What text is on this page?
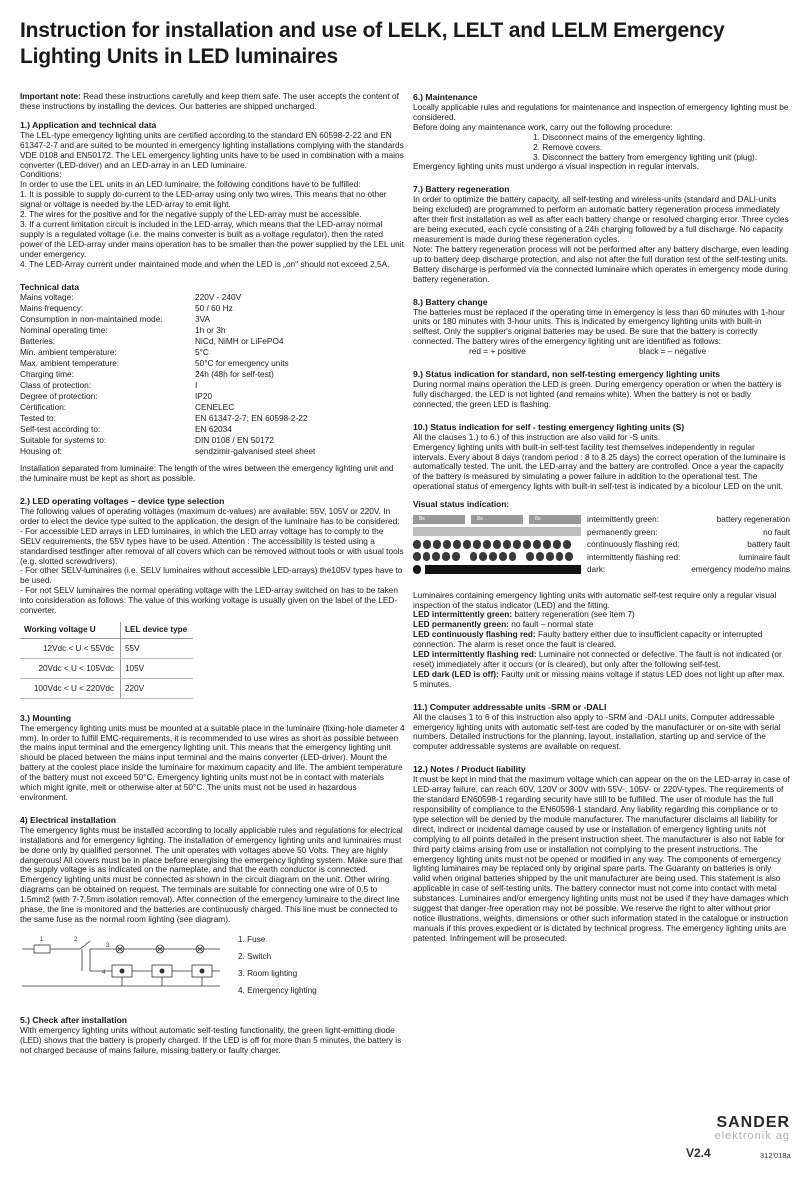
Instruction for installation and use of LELK, LELT and LELM Emergency Lighting Units in LED luminaires

Important note: Read these instructions carefully and keep them safe. The user accepts the content of these instructions by installing the devices. Our batteries are shipped uncharged.

1.) Application and technical data

The LEL-type emergency lighting units are certified according to the standard EN 60598-2-22 and EN 61347-2-7 and are suited to be mounted in emergency lighting installations complying with the standards VDE 0108 and EN50172. The LEL emergency lighting units have to be used in combination with a mains converter (LED-driver) and an LED-array in an LED luminaire.

Conditions:

In order to use the LEL units in an LED luminaire, the following conditions have to be fulfilled:

1. It is possible to supply do-current to the LED-array using only two wires. This means that no other signal or voltage is needed by the LED-array to emit light.

2. The wires for the positive and for the negative supply of the LED-array must be accessible.

3. If a current limitation circuit is included in the LED-array, which means that the LED-array normal supply is a regulated voltage (i.e. the mains converter is built as a voltage regulator), then the rated power of the LED-array under mains operation has to be smaller than the power supplied by the LEL unit under emergency.

4. The LED-Array current under maintained mode and when the LED is „on" should not exceed 2,5A.

Technical data
Mains voltage:	220V - 240V
Mains frequency:	50 / 60 Hz
Consumption in non-maintained mode:	3VA
Nominal operating time:	1h or 3h
Batteries:	NiCd, NiMH or LiFePO4
Min. ambient temperature:	5°C
Max. ambient temperature:	50°C for emergency units
Charging time:	24h (48h for self-test)
Class of protection:	I
Degree of protection:	IP20
Certification:	CENELEC
Tested to:	EN 61347-2-7; EN 60598-2-22
Self-test according to:	EN 62034
Suitable for systems to:	DIN 0108 / EN 50172
Housing of:	sendzimir-galvanised steel sheet

Installation separated from luminaire: The length of the wires between the emergency lighting unit and the luminaire must be kept as short as possible.

2.) LED operating voltages – device type selection

The following values of operating voltages (maximum dc-values) are available: 55V, 105V or 220V. In order to elect the device type suited to the application, the design of the luminaire has to be considered:

- For accessible LED arrays in LED luminaires, in which the LED array voltage has to comply to the SELV requirements, the 55V types have to be used. Attention : The accessibility is tested using a standardised testfinger after removal of all covers which can be removed without tools or with usual tools (e.g. slotted screwdrivers).

- For other SELV-luminaires (i.e. SELV luminaires without accessible LED-arrays) the105V types have to be used.

- For not SELV luminaires the normal operating voltage with the LED-array switched on has to be taken into consideration as follows: The value of this working voltage is usually given on the label of the LED-converter.

Working voltage U	LEL device type
12Vdc < U < 55Vdc	55V
20Vdc < U < 105Vdc	105V
100Vdc < U < 220Vdc	220V
3.) Mounting

The emergency lighting units must be mounted at a suitable place in the luminaire (fixing-hole diameter 4 mm). In order to fulfill EMC-requirements, it is recommended to use wires as short as possible between the mains input terminal and the emergency lighting unit. This means that the emergency lighting unit should be placed between the mains input terminal and the mains converter (LED-driver). Mount the battery at the coolest place inside the luminaire for maximum capacity and life. The ambient temperature of the battery must not exceed 50°C. Emergency lighting units must not be in contact with materials which might ignite, melt or otherwise alter at 50°C. The units must not be used in hazardous environment.

4) Electrical installation

The emergency lights must be installed according to locally applicable rules and regulations for electrical installations and for emergency lighting. The installation of emergency lighting units and luminaires must be done only by qualified personnel. The unit operates with voltages above 50 Volts. They are highly dangerous! All covers must be in place before energising the emergency lighting system. Make sure that the supply voltage is as indicated on the nameplate, and that the earth conductor is connected. Emergency lighting units must be connected as shown in the circuit diagram on the unit. Other wiring diagrams can be obtained on request. The terminals are suitable for connecting one wire of 0.5 to 1.5mm2 (with 7-7.5mm isolation removal). After connection of the emergency luminaire to the direct line phase, the line is monitored and the batteries are continuously charged. This line must be connected to the same fuse as the normal room lighting (see diagram).

1	2
3
4
1. Fuse
2. Switch
3. Room lighting
4. Emergency lighting
5.) Check after installation

With emergency lighting units without automatic self-testing functionality, the green light-emitting diode (LED) shows that the battery is properly charged. If the LED is off for more than 5 minutes, the battery is not charged because of mains failure, missing battery or faulty charger.

6.) Maintenance

Locally applicable rules and regulations for maintenance and inspection of emergency lighting must be considered.

Before doing any maintenance work, carry out the following procedure:

1. Disconnect mains of the emergency lighting.

2. Remove covers.

3. Disconnect the battery from emergency lighting unit (plug).

Emergency lighting units must undergo a visual inspection in regular intervals.

7.) Battery regeneration

In order to optimize the battery capacity, all self-testing and wireless-units (standard and DALI-units being excluded) are programmed to perform an automatic battery regeneration process immediately after their first installation as well as after each battery change or resolved charging error. Three cycles are being executed, each cycle consisting of a 24h charging followed by a full discharge. No capacity measurement is made during these regeneration cycles.

Note: The battery regeneration process will not be performed after any battery discharge, even leading up to battery deep discharge protection, and also not after the full duration test of the self-testing units. Battery discharge is performed via the connected luminaire which operates in emergency mode during battery regeneration.

8.) Battery change

The batteries must be replaced if the operating time in emergency is less than 60 minutes with 1-hour units or 180 minutes with 3-hour units. This is indicated by emergency lighting units with built-in selftest. Only the supplier's original batteries may be used. Be sure that the battery is correctly connected. The battery wires of the emergency lighting unit are identified as follows:

red = + positive	black = – negative

9.) Status indication for standard, non self-testing emergency lighting units

During normal mains operation the LED is green. During emergency operation or when the battery is fully discharged, the LED is not lighted (and remains white). When the battery is not or badly connected, the green LED is flashing.

10.) Status indication for self - testing emergency lighting units (S)

All the clauses 1.) to 6.) of this instruction are also valid for -S units.

Emergency lighting units with built-in self-test facility test themselves independently in regular intervals. Every about 8 days (random period : 8 to 8.25 days) the correct operation of the luminaire is automatically tested. The unit, the LED-array and the battery are controlled. Once a year the capacity of the battery is measured by simulating a power failure in addition to the operational test. The operational status of emergency lights with built-in self-test is indicated by a bicolour LED on the unit.

Visual status indication:
8s	8s	8s	intermittently green:	battery regeneration
permanently green:	no fault
continuously flashing red:	battery fault
intermittently flashing red:	luminaire fault
dark:	emergency mode/no mains

Luminaires containing emergency lighting units with automatic self-test require only a regular visual inspection of the status indicator (LED) and the fitting.

LED intermittently green: battery regeneration (see item 7)

LED permanently green: no fault – normal state

LED continuously flashing red: Faulty battery either due to insufficient capacity or interrupted connection. The alarm is reset once the fault is cleared.

LED intermittently flashing red: Luminaire not connected or defective. The fault is not indicated (or reset) immediately after it occurs (or is cleared), but only after the following self-test.

LED dark (LED is off): Faulty unit or missing mains voltage if status LED does not light up after max. 5 minutes.

11.) Computer addressable units -SRM or -DALI

All the clauses 1 to 6 of this instruction also apply to -SRM and -DALI units, Computer addressable emergency lighting units with automatic self-test are coded by the manufacturer or on-site with serial numbers. Detailed instructions for the planning, layout, installation, starting up and service of the computer addressable systems are available on request.

12.) Notes / Product liability

It must be kept in mind that the maximum voltage which can appear on the on the LED-array in case of LED-array failure, can reach 60V, 120V or 300V with 55V-, 105V- or 220V-types. The requirements of the standard EN60598-1 regarding security have still to be fulfilled. The user of module has the full responsibility of compliance to the EN60598-1 standard. Any liability regarding this compliance or to type selection will be denied by the module manufacturer. The manufacturer disclaims all liability for direct, indirect or incidental damage caused by use or installation of emergency lighting units not complying to all points detailed in the present instruction sheet. The manufacturer is also not liable for third party claims arising from use or installation not complying to the present instructions. The emergency lighting units must not be opened or modified in any way. The components of emergency lighting luminaires may be replaced only by original spare parts. The Guaranty on batteries is only valid when original batteries shipped by the unit manufacturer are being used. This statement is also applicable in case of self-testing units. The battery connector must not come into contact with metal substances. Luminaires and/or emergency lighting units must not be used if they have damages which suggest that danger-free operation may not be possible. We reserve the right to alter without prior notice illustrations, weights, dimensions or other such information stated in the catalogue or instruction manuals if this proves expedient or is dictated by technical progress. The emergency lighting units are patented. Infringement will be prosecuted.

SANDER
elektronik ag
V2.4	312'018a
